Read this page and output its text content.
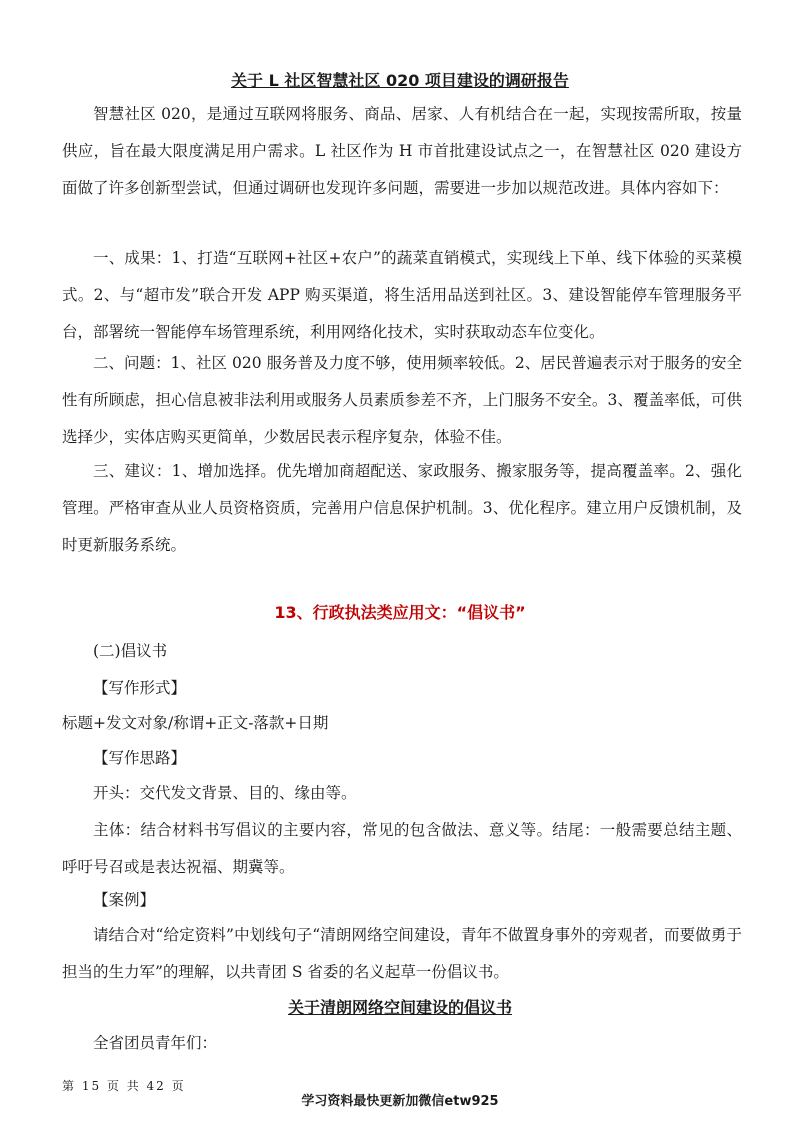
关于 L 社区智慧社区 020 项目建设的调研报告

智慧社区 020，是通过互联网将服务、商品、居家、人有机结合在一起，实现按需所取，按量供应，旨在最大限度满足用户需求。L 社区作为 H 市首批建设试点之一，在智慧社区 020 建设方面做了许多创新型尝试，但通过调研也发现许多问题，需要进一步加以规范改进。具体内容如下：

一、成果：1、打造“互联网+社区+农户”的蔬菜直销模式，实现线上下单、线下体验的买菜模式。2、与“超市发”联合开发 APP 购买渠道，将生活用品送到社区。3、建设智能停车管理服务平台，部署统一智能停车场管理系统，利用网络化技术，实时获取动态车位变化。

二、问题：1、社区 020 服务普及力度不够，使用频率较低。2、居民普遍表示对于服务的安全性有所顾虑，担心信息被非法利用或服务人员素质参差不齐，上门服务不安全。3、覆盖率低，可供选择少，实体店购买更简单，少数居民表示程序复杂，体验不佳。

三、建议：1、增加选择。优先增加商超配送、家政服务、搬家服务等，提高覆盖率。2、强化管理。严格审查从业人员资格资质，完善用户信息保护机制。3、优化程序。建立用户反馈机制，及时更新服务系统。

13、行政执法类应用文：“倡议书”

(二)倡议书

【写作形式】

标题+发文对象/称谓+正文-落款+日期

【写作思路】

开头：交代发文背景、目的、缘由等。

主体：结合材料书写倡议的主要内容，常见的包含做法、意义等。结尾：一般需要总结主题、呼吁号召或是表达祝福、期冀等。

【案例】

请结合对“给定资料”中划线句子“清朗网络空间建设，青年不做置身事外的旁观者，而要做勇于担当的生力军”的理解，以共青团 S 省委的名义起草一份倡议书。

关于清朗网络空间建设的倡议书

全省团员青年们：

第 15 页 共 42 页
学习资料最快更新加微信etw925
